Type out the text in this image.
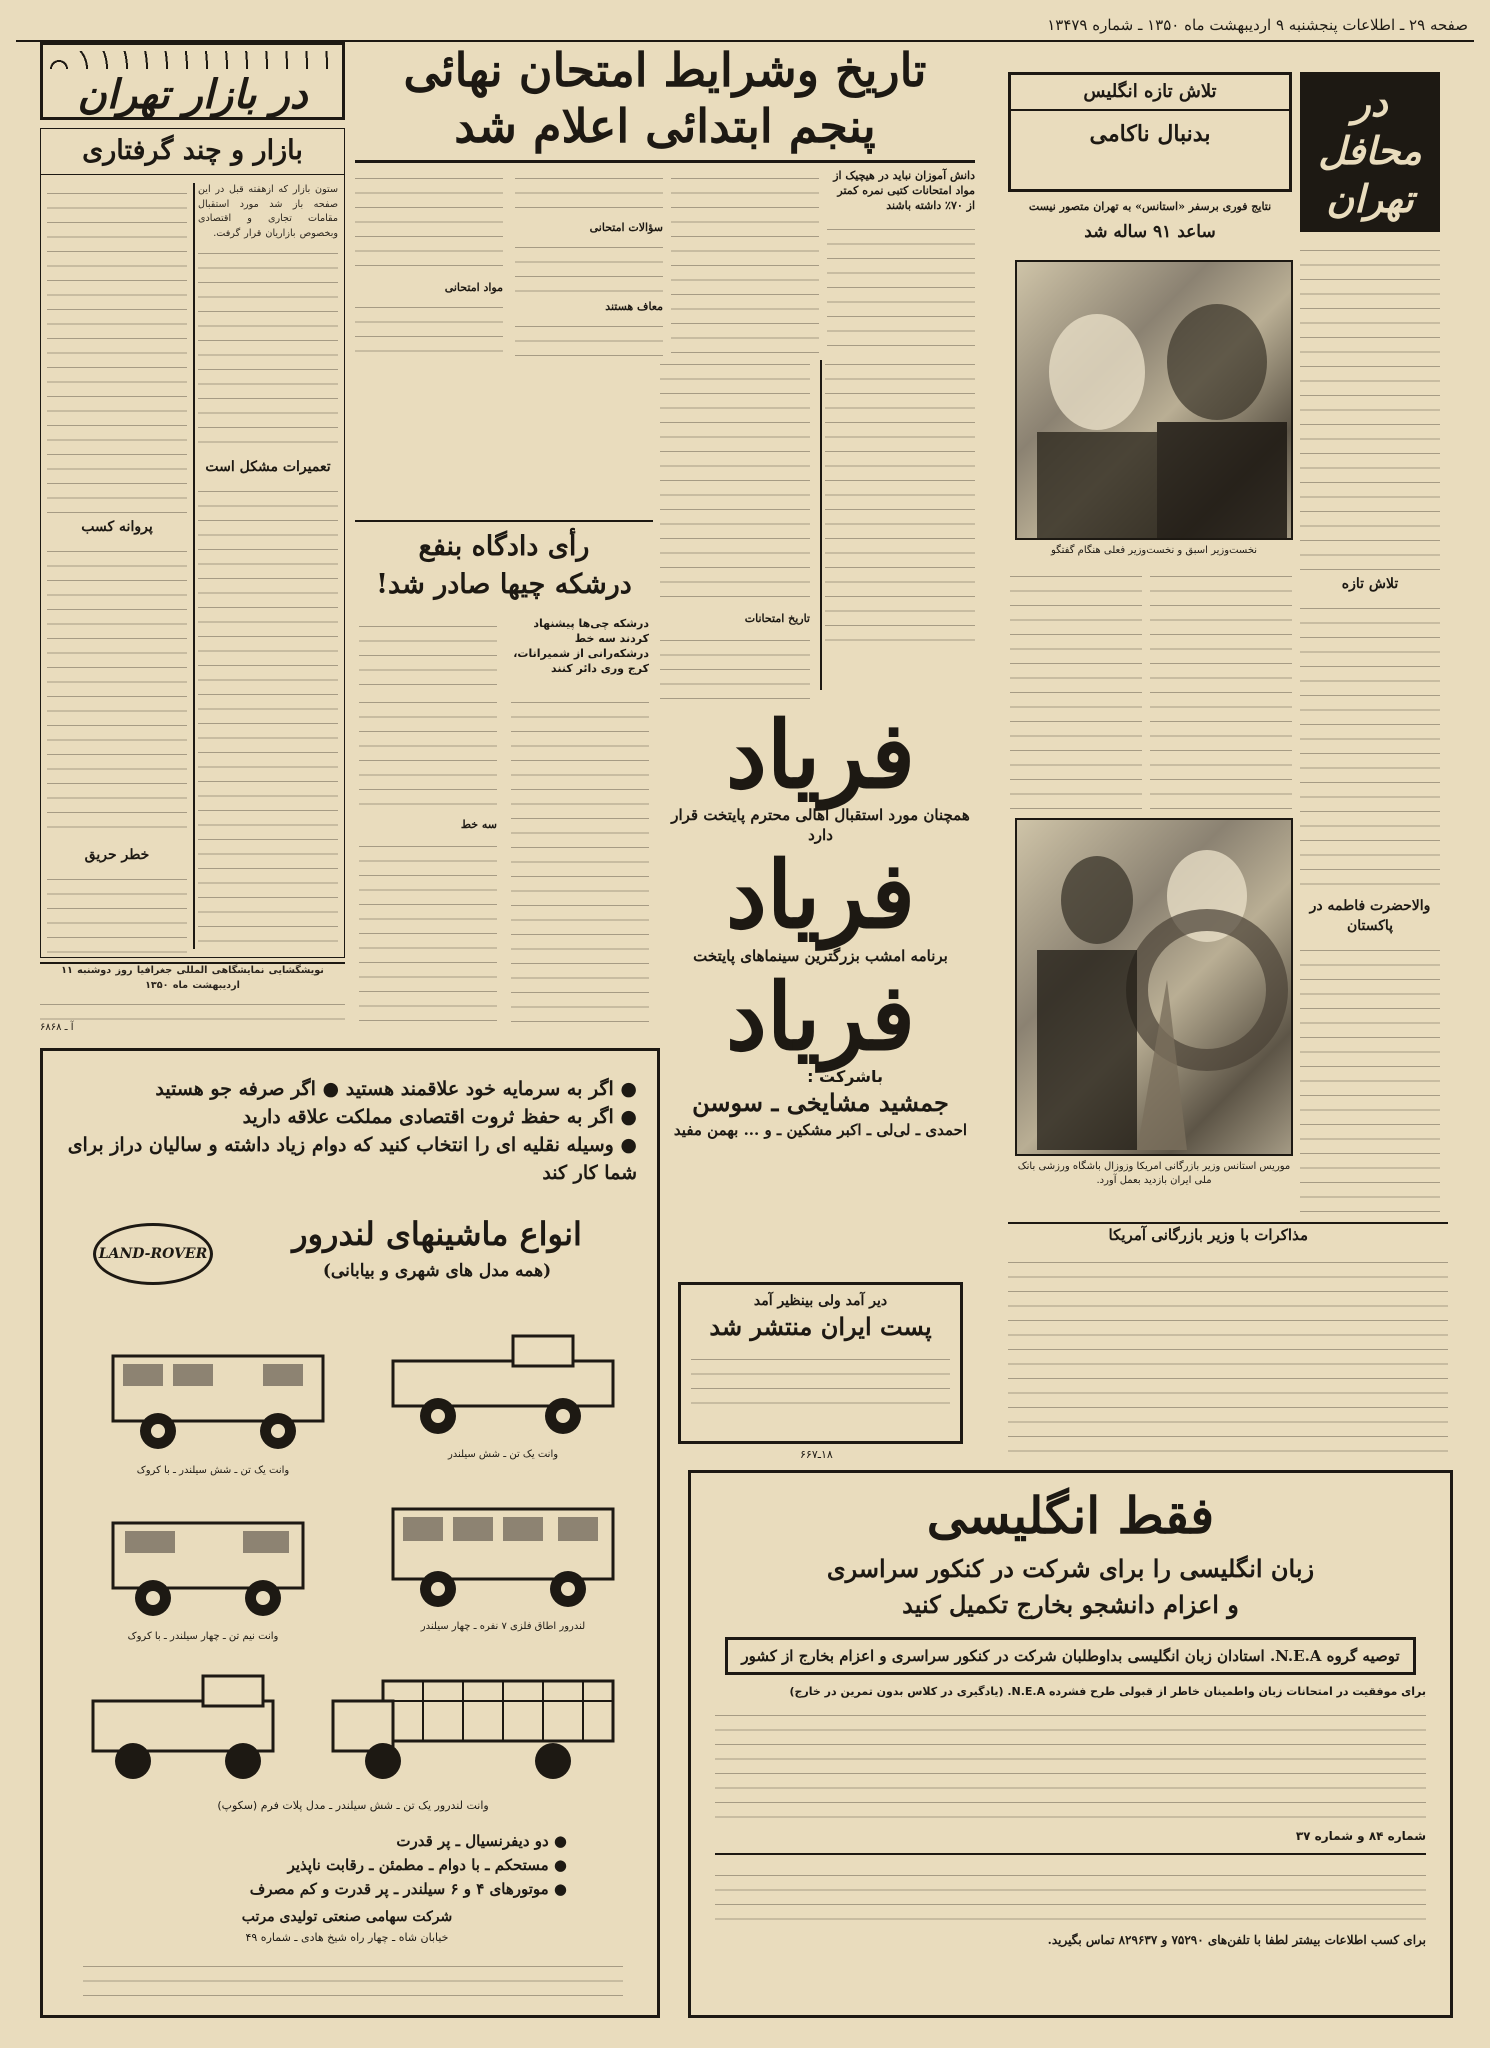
صفحه ۲۹ ـ اطلاعات پنجشنبه ۹ اردیبهشت ماه ۱۳۵۰ ـ شماره ۱۳۴۷۹
در بازار تهران
بازار و چند گرفتاری
ستون بازار که ازهفته قبل در این صفحه باز شد مورد استقبال مقامات تجاری و اقتصادی وبخصوص بازاریان قرار گرفت.
تعمیرات مشکل است
پروانه کسب
خطر حریق
نویشگشایی نمایشگاهی المللی جغرافیا روز دوشنبه ۱۱ اردیبهشت ماه ۱۳۵۰
آ ـ ۶۸۶۸
تاریخ وشرایط امتحان نهائی
پنجم ابتدائی اعلام شد
دانش آموزان نباید در هیچیک از مواد امتحانات کتبی نمره کمتر از ۷۰٪ داشته باشند
سؤالات امتحانی
معاف هستند
مواد امتحانی
تاریخ امتحانات
رأی دادگاه بنفع
درشکه چیها صادر شد!
درشکه چی‌ها پیشنهاد کردند سه خط درشکه‌رانی از شمیرانات، کرج وری دائر کنند
سه خط
فریاد
همچنان مورد استقبال اهالی محترم پایتخت قرار دارد
فریاد
برنامه امشب بزرگترین سینماهای پایتخت
فریاد
باشرکت :
جمشید مشایخی ـ سوسن
احمدی ـ لی‌لی ـ اکبر مشکین ـ و ... بهمن مفید
دیر آمد ولی بینظیر آمد
پست ایران منتشر شد
۱۸ـ۶۶۷
در محافل تهران
تلاش تازه انگلیس
بدنبال ناکامی
نتایج فوری برسفر «استانس» به تهران متصور نیست
ساعد ۹۱ ساله شد
تلاش تازه
والاحضرت فاطمه در پاکستان
نخست‌وزیر اسبق و نخست‌وزیر فعلی هنگام گفتگو
موریس استانس وزیر بازرگانی امریکا وزوزال باشگاه ورزشی بانک ملی ایران بازدید بعمل آورد.
مذاکرات با وزیر بازرگانی آمریکا
● اگر به سرمایه خود علاقمند هستید ● اگر صرفه جو هستید
● اگر به حفظ ثروت اقتصادی مملکت علاقه دارید
● وسیله نقلیه ای را انتخاب کنید که دوام زیاد داشته و سالیان دراز برای شما کار کند
LAND-ROVER
انواع ماشینهای لندرور
(همه مدل های شهری و بیابانی)
وانت یک تن ـ شش سیلندر
وانت یک تن ـ شش سیلندر ـ با کروک
لندرور اطاق فلزی ۷ نفره ـ چهار سیلندر
وانت نیم تن ـ چهار سیلندر ـ با کروک
وانت لندرور یک تن ـ شش سیلندر ـ مدل پلات فرم (سکوپ)
● دو دیفرنسیال ـ پر قدرت
● مستحکم ـ با دوام ـ مطمئن ـ رقابت ناپذیر
● موتورهای ۴ و ۶ سیلندر ـ پر قدرت و کم مصرف
شرکت سهامی صنعتی تولیدی مرتب
خیابان شاه ـ چهار راه شیخ هادی ـ شماره ۴۹
فقط انگلیسی
زبان انگلیسی را برای شرکت در کنکور سراسری
و اعزام دانشجو بخارج تکمیل کنید
توصیه گروه N.E.A. استادان زبان انگلیسی بداوطلبان شرکت در کنکور سراسری و اعزام بخارج از کشور
برای موفقیت در امتحانات زبان واطمینان خاطر از قبولی طرح فشرده N.E.A. (یادگیری در کلاس بدون تمرین در خارج)
شماره ۸۴ و شماره ۳۷
برای کسب اطلاعات بیشتر لطفا با تلفن‌های ۷۵۲۹۰ و ۸۲۹۶۳۷ تماس بگیرید.
